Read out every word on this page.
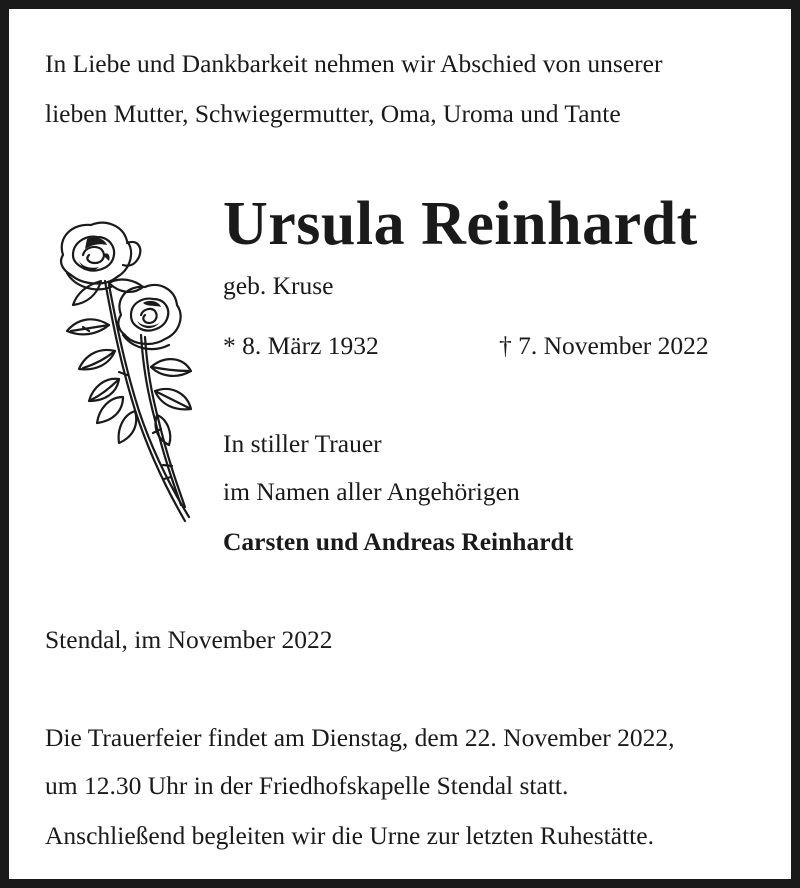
In Liebe und Dankbarkeit nehmen wir Abschied von unserer
lieben Mutter, Schwiegermutter, Oma, Uroma und Tante
Ursula Reinhardt
geb. Kruse
* 8. März 1932	† 7. November 2022
In stiller Trauer
im Namen aller Angehörigen
Carsten und Andreas Reinhardt
Stendal, im November 2022
Die Trauerfeier findet am Dienstag, dem 22. November 2022,
um 12.30 Uhr in der Friedhofskapelle Stendal statt.
Anschließend begleiten wir die Urne zur letzten Ruhestätte.
